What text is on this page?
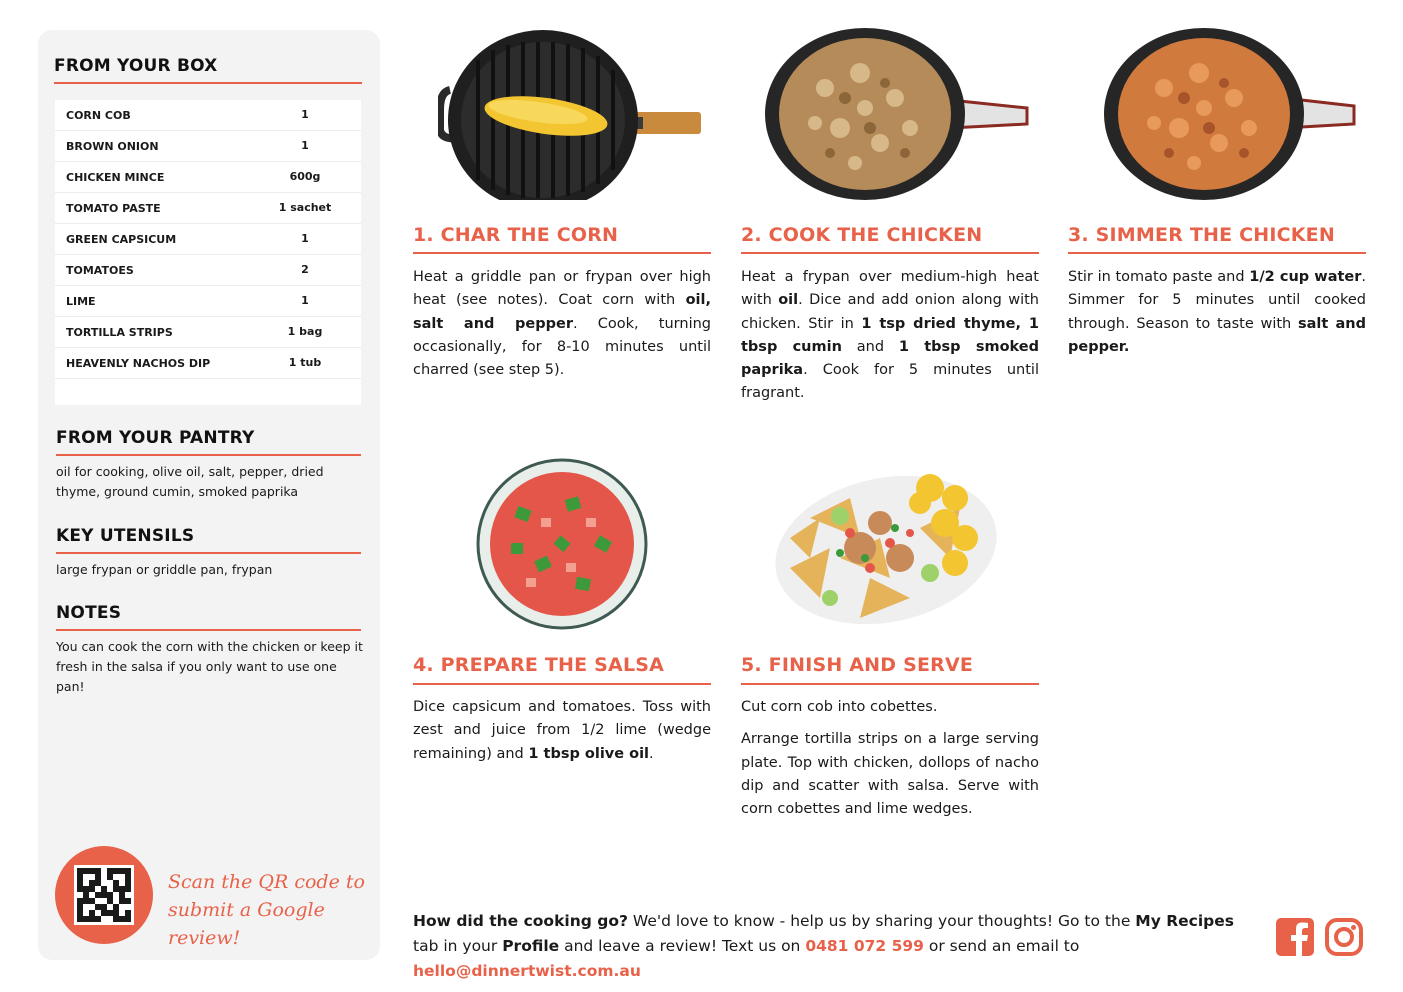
FROM YOUR BOX
CORN COB	1
BROWN ONION	1
CHICKEN MINCE	600g
TOMATO PASTE	1 sachet
GREEN CAPSICUM	1
TOMATOES	2
LIME	1
TORTILLA STRIPS	1 bag
HEAVENLY NACHOS DIP	1 tub
FROM YOUR PANTRY
oil for cooking, olive oil, salt, pepper, dried thyme, ground cumin, smoked paprika
KEY UTENSILS
large frypan or griddle pan, frypan
NOTES
You can cook the corn with the chicken or keep it fresh in the salsa if you only want to use one pan!
Scan the QR code to
submit a Google review!
1. CHAR THE CORN

Heat a griddle pan or frypan over high heat (see notes). Coat corn with oil, salt and pepper. Cook, turning occasionally, for 8-10 minutes until charred (see step 5).

2. COOK THE CHICKEN

Heat a frypan over medium-high heat with oil. Dice and add onion along with chicken. Stir in 1 tsp dried thyme, 1 tbsp cumin and 1 tbsp smoked paprika. Cook for 5 minutes until fragrant.

3. SIMMER THE CHICKEN

Stir in tomato paste and 1/2 cup water. Simmer for 5 minutes until cooked through. Season to taste with salt and pepper.

4. PREPARE THE SALSA

Dice capsicum and tomatoes. Toss with zest and juice from 1/2 lime (wedge remaining) and 1 tbsp olive oil.

5. FINISH AND SERVE

Cut corn cob into cobettes.

Arrange tortilla strips on a large serving plate. Top with chicken, dollops of nacho dip and scatter with salsa. Serve with corn cobettes and lime wedges.

How did the cooking go? We'd love to know - help us by sharing your thoughts! Go to the My Recipes tab in your Profile and leave a review! Text us on 0481 072 599 or send an email to hello@dinnertwist.com.au
